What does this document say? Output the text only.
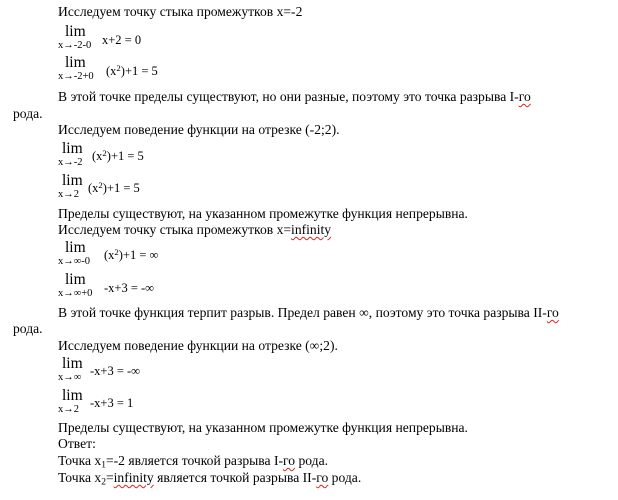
Исследуем точку стыка промежутков x=-2
lim
x→-2-0 x+2 = 0
lim
x→-2+0 $(x^2)+1 = 5$
В этой точке пределы существуют, но они разные, поэтому это точка разрыва I-го
рода.
Исследуем поведение функции на отрезке (-2;2).
lim
x→-2 $(x^2)+1 = 5$
lim
x→2 $(x^2)+1 = 5$
Пределы существуют, на указанном промежутке функция непрерывна.
Исследуем точку стыка промежутков x=infinity
lim
x→∞-0 $(x^2)+1$ = ∞
lim
x→∞+0 -x+3 = -∞
В этой точке функция терпит разрыв. Предел равен ∞, поэтому это точка разрыва II-го
рода.
Исследуем поведение функции на отрезке (∞;2).
lim
x→∞ -x+3 = -∞
lim
x→2 -x+3 = 1
Пределы существуют, на указанном промежутке функция непрерывна.
Ответ:
Точка $x_1=-2$ является точкой разрыва I-го рода.
Точка $x_2=infinity$ является точкой разрыва II-го рода.
